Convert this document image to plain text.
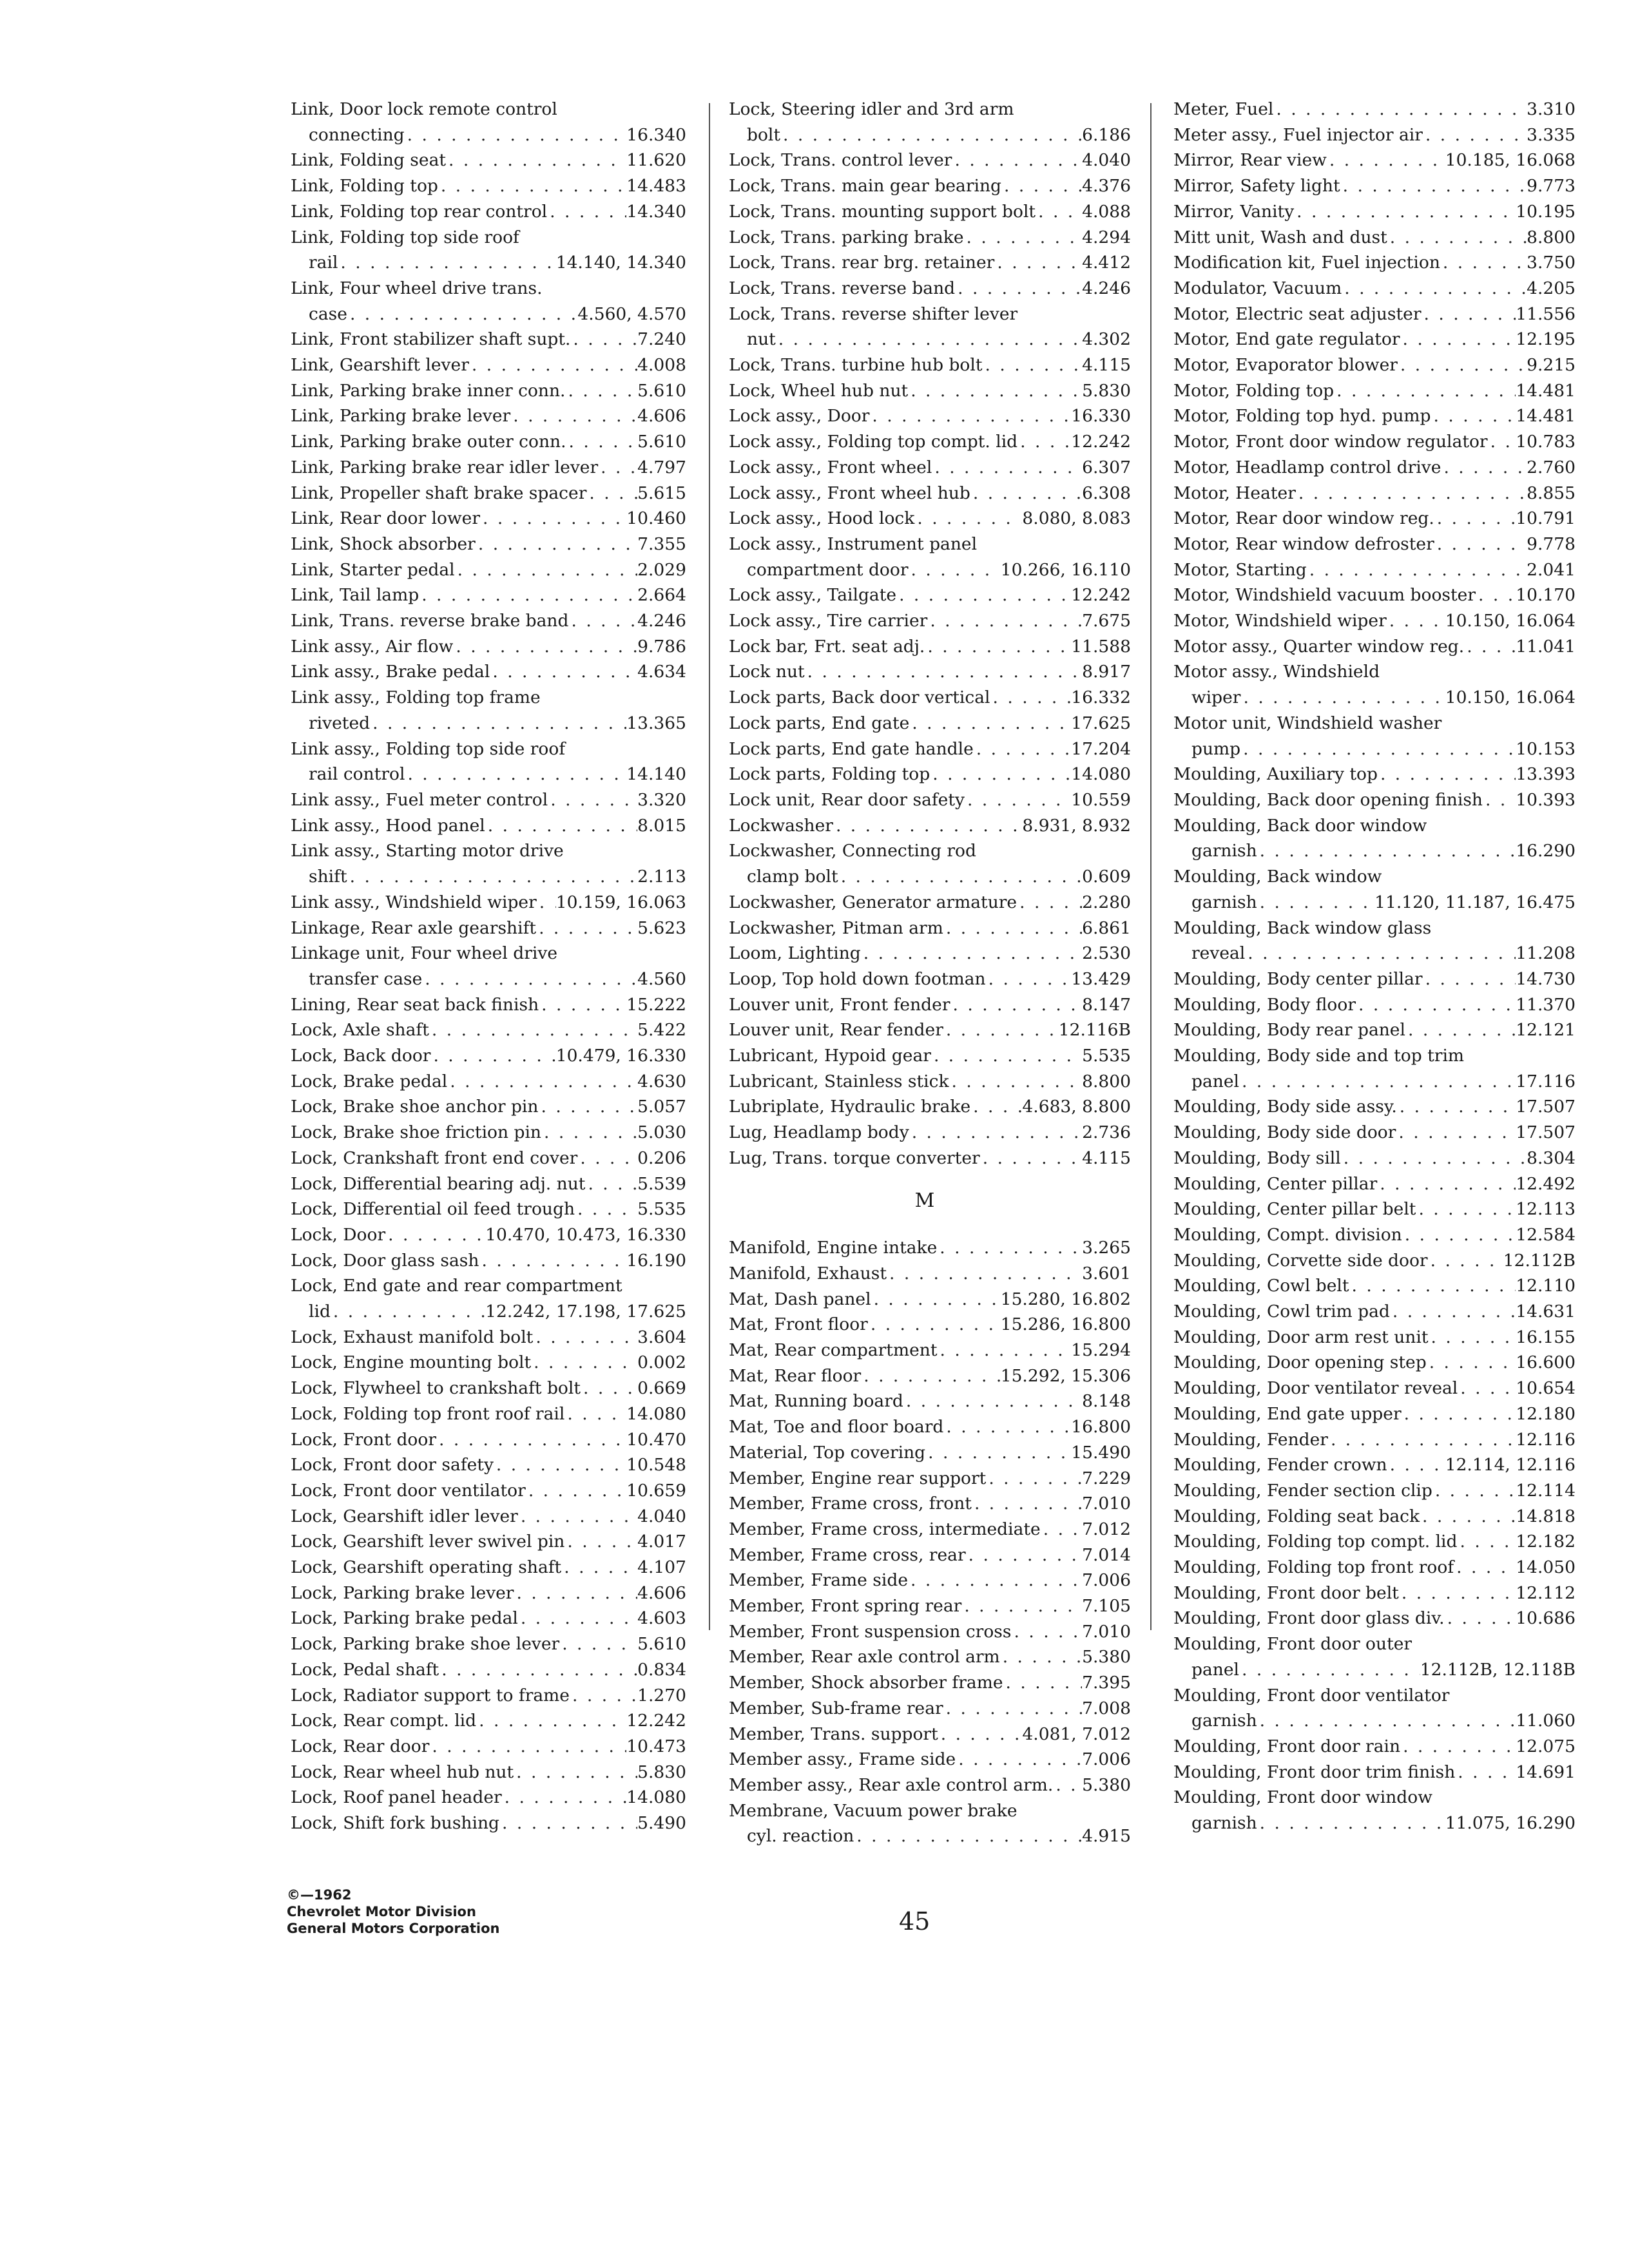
Link, Door lock remote control
connecting . . .	16.340
Link, Folding seat . . .	11.620
Link, Folding top . . .	14.483
Link, Folding top rear control . . .	14.340
Link, Folding top side roof
rail . . .	14.140, 14.340
Link, Four wheel drive trans.
case . . .	4.560, 4.570
Link, Front stabilizer shaft supt. . . .	7.240
Link, Gearshift lever . . .	4.008
Link, Parking brake inner conn. . . .	5.610
Link, Parking brake lever . . .	4.606
Link, Parking brake outer conn. . . .	5.610
Link, Parking brake rear idler lever . . . 4.797
Link, Propeller shaft brake spacer . . .	5.615
Link, Rear door lower . . .	10.460
Link, Shock absorber . . .	7.355
Link, Starter pedal . . .	2.029
Link, Tail lamp . . .	2.664
Link, Trans. reverse brake band . . .	4.246
Link assy., Air flow . . .	9.786
Link assy., Brake pedal . . .	4.634
Link assy., Folding top frame
riveted . . .	13.365
Link assy., Folding top side roof
rail control . . .	14.140
Link assy., Fuel meter control . . .	3.320
Link assy., Hood panel . . .	8.015
Link assy., Starting motor drive
shift . . .	2.113
Link assy., Windshield wiper . . . 10.159, 16.063
Linkage, Rear axle gearshift . . .	5.623
Linkage unit, Four wheel drive
transfer case . . .	4.560
Lining, Rear seat back finish . . .	15.222
Lock, Axle shaft . . .	5.422
Lock, Back door . . .	10.479, 16.330
Lock, Brake pedal . . .	4.630
Lock, Brake shoe anchor pin . . .	5.057
Lock, Brake shoe friction pin . . .	5.030
Lock, Crankshaft front end cover . . .	0.206
Lock, Differential bearing adj. nut . . .	5.539
Lock, Differential oil feed trough . . .	5.535
Lock, Door . . .	10.470, 10.473, 16.330
Lock, Door glass sash . . .	16.190
Lock, End gate and rear compartment
lid . . .	12.242, 17.198, 17.625
Lock, Exhaust manifold bolt . . .	3.604
Lock, Engine mounting bolt . . .	0.002
Lock, Flywheel to crankshaft bolt . . .	0.669
Lock, Folding top front roof rail . . .	14.080
Lock, Front door . . .	10.470
Lock, Front door safety . . .	10.548
Lock, Front door ventilator . . .	10.659
Lock, Gearshift idler lever . . .	4.040
Lock, Gearshift lever swivel pin . . .	4.017
Lock, Gearshift operating shaft . . .	4.107
Lock, Parking brake lever . . .	4.606
Lock, Parking brake pedal . . .	4.603
Lock, Parking brake shoe lever . . .	5.610
Lock, Pedal shaft . . .	0.834
Lock, Radiator support to frame . . .	1.270
Lock, Rear compt. lid . . .	12.242
Lock, Rear door . . .	10.473
Lock, Rear wheel hub nut . . .	5.830
Lock, Roof panel header . . .	14.080
Lock, Shift fork bushing . . .	5.490
Lock, Steering idler and 3rd arm
bolt . . .	6.186
Lock, Trans. control lever . . .	4.040
Lock, Trans. main gear bearing . . .	4.376
Lock, Trans. mounting support bolt . . .	4.088
Lock, Trans. parking brake . . .	4.294
Lock, Trans. rear brg. retainer . . .	4.412
Lock, Trans. reverse band . . .	4.246
Lock, Trans. reverse shifter lever
nut . . .	4.302
Lock, Trans. turbine hub bolt . . .	4.115
Lock, Wheel hub nut . . .	5.830
Lock assy., Door . . .	16.330
Lock assy., Folding top compt. lid . . .	12.242
Lock assy., Front wheel . . .	6.307
Lock assy., Front wheel hub . . .	6.308
Lock assy., Hood lock . . .	8.080, 8.083
Lock assy., Instrument panel
compartment door . . .	10.266, 16.110
Lock assy., Tailgate . . .	12.242
Lock assy., Tire carrier . . .	7.675
Lock bar, Frt. seat adj. . . .	11.588
Lock nut . . .	8.917
Lock parts, Back door vertical . . .	16.332
Lock parts, End gate . . .	17.625
Lock parts, End gate handle . . .	17.204
Lock parts, Folding top . . .	14.080
Lock unit, Rear door safety . . .	10.559
Lockwasher . . .	8.931, 8.932
Lockwasher, Connecting rod
clamp bolt . . .	0.609
Lockwasher, Generator armature . . .	2.280
Lockwasher, Pitman arm . . .	6.861
Loom, Lighting . . .	2.530
Loop, Top hold down footman . . .	13.429
Louver unit, Front fender . . .	8.147
Louver unit, Rear fender . . .	12.116B
Lubricant, Hypoid gear . . .	5.535
Lubricant, Stainless stick . . .	8.800
Lubriplate, Hydraulic brake . . .	4.683, 8.800
Lug, Headlamp body . . .	2.736
Lug, Trans. torque converter . . .	4.115
M
Manifold, Engine intake . . .	3.265
Manifold, Exhaust . . .	3.601
Mat, Dash panel . . .	15.280, 16.802
Mat, Front floor . . .	15.286, 16.800
Mat, Rear compartment . . .	15.294
Mat, Rear floor . . .	15.292, 15.306
Mat, Running board . . .	8.148
Mat, Toe and floor board . . .	16.800
Material, Top covering . . .	15.490
Member, Engine rear support . . .	7.229
Member, Frame cross, front . . .	7.010
Member, Frame cross, intermediate . . . 7.012
Member, Frame cross, rear . . .	7.014
Member, Frame side . . .	7.006
Member, Front spring rear . . .	7.105
Member, Front suspension cross . . .	7.010
Member, Rear axle control arm . . .	5.380
Member, Shock absorber frame . . .	7.395
Member, Sub-frame rear . . .	7.008
Member, Trans. support . . .	4.081, 7.012
Member assy., Frame side . . .	7.006
Member assy., Rear axle control arm. . . . 5.380
Membrane, Vacuum power brake
cyl. reaction . . .	4.915
Meter, Fuel . . .	3.310
Meter assy., Fuel injector air . . .	3.335
Mirror, Rear view . . .	10.185, 16.068
Mirror, Safety light . . .	9.773
Mirror, Vanity . . .	10.195
Mitt unit, Wash and dust . . .	8.800
Modification kit, Fuel injection . . .	3.750
Modulator, Vacuum . . .	4.205
Motor, Electric seat adjuster . . .	11.556
Motor, End gate regulator . . .	12.195
Motor, Evaporator blower . . .	9.215
Motor, Folding top . . .	14.481
Motor, Folding top hyd. pump . . .	14.481
Motor, Front door window regulator . . . 10.783
Motor, Headlamp control drive . . .	2.760
Motor, Heater . . .	8.855
Motor, Rear door window reg. . . .	10.791
Motor, Rear window defroster . . .	9.778
Motor, Starting . . .	2.041
Motor, Windshield vacuum booster . . . 10.170
Motor, Windshield wiper . . .	10.150, 16.064
Motor assy., Quarter window reg. . . .	11.041
Motor assy., Windshield
wiper . . .	10.150, 16.064
Motor unit, Windshield washer
pump . . .	10.153
Moulding, Auxiliary top . . .	13.393
Moulding, Back door opening finish . . . 10.393
Moulding, Back door window
garnish . . .	16.290
Moulding, Back window
garnish . . .	11.120, 11.187, 16.475
Moulding, Back window glass
reveal . . .	11.208
Moulding, Body center pillar . . .	14.730
Moulding, Body floor . . .	11.370
Moulding, Body rear panel . . .	12.121
Moulding, Body side and top trim
panel . . .	17.116
Moulding, Body side assy. . . .	17.507
Moulding, Body side door . . .	17.507
Moulding, Body sill . . .	8.304
Moulding, Center pillar . . .	12.492
Moulding, Center pillar belt . . .	12.113
Moulding, Compt. division . . .	12.584
Moulding, Corvette side door . . .	12.112B
Moulding, Cowl belt . . .	12.110
Moulding, Cowl trim pad . . .	14.631
Moulding, Door arm rest unit . . .	16.155
Moulding, Door opening step . . .	16.600
Moulding, Door ventilator reveal . . .	10.654
Moulding, End gate upper . . .	12.180
Moulding, Fender . . .	12.116
Moulding, Fender crown . . .	12.114, 12.116
Moulding, Fender section clip . . .	12.114
Moulding, Folding seat back . . .	14.818
Moulding, Folding top compt. lid . . .	12.182
Moulding, Folding top front roof . . .	14.050
Moulding, Front door belt . . .	12.112
Moulding, Front door glass div. . . .	10.686
Moulding, Front door outer
panel . . .	12.112B, 12.118B
Moulding, Front door ventilator
garnish . . .	11.060
Moulding, Front door rain . . .	12.075
Moulding, Front door trim finish . . .	14.691
Moulding, Front door window
garnish . . .	11.075, 16.290
©—1962
Chevrolet Motor Division
General Motors Corporation	45
